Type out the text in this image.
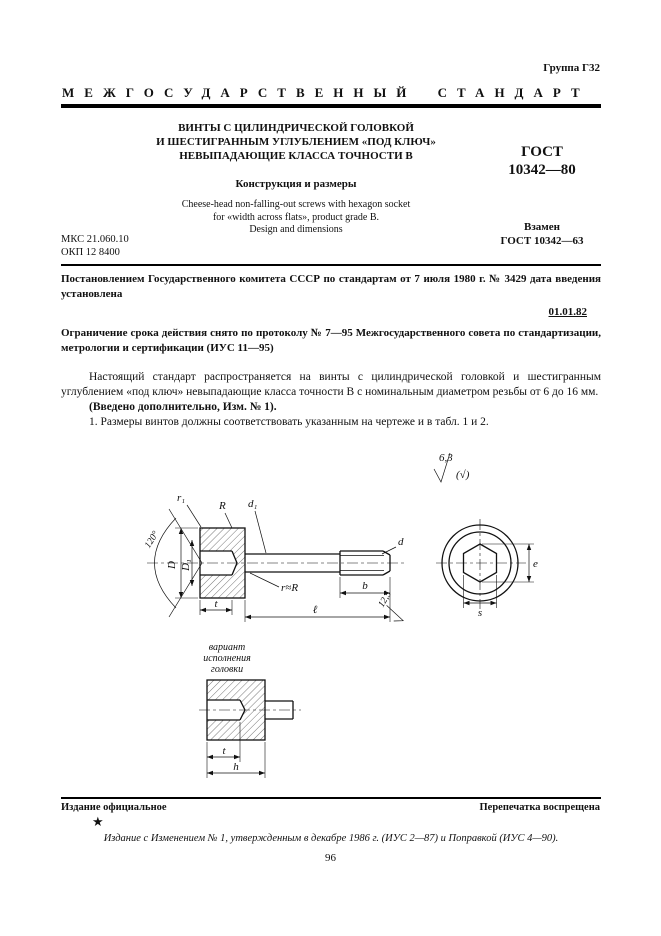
Группа Г32
МЕЖГОСУДАРСТВЕННЫЙ СТАНДАРТ
ВИНТЫ С ЦИЛИНДРИЧЕСКОЙ ГОЛОВКОЙ
И ШЕСТИГРАННЫМ УГЛУБЛЕНИЕМ «ПОД КЛЮЧ»
НЕВЫПАДАЮЩИЕ КЛАССА ТОЧНОСТИ В
Конструкция и размеры
Cheese-head non-falling-out screws with hexagon socket
for «width across flats», product grade B.
Design and dimensions
ГОСТ
10342—80
Взамен
ГОСТ 10342—63
МКС 21.060.10
ОКП 12 8400
Постановлением Государственного комитета СССР по стандартам от 7 июля 1980 г. № 3429 дата введения установлена
01.01.82
Ограничение срока действия снято по протоколу № 7—95 Межгосударственного совета по стандартизации, метрологии и сертификации (ИУС 11—95)

Настоящий стандарт распространяется на винты с цилиндрической головкой и шестигранным углублением «под ключ» невыпадающие класса точности В с номинальным диаметром резьбы от 6 до 16 мм.

(Введено дополнительно, Изм. № 1).

1. Размеры винтов должны соответствовать указанным на чертеже и в табл. 1 и 2.

6,3
(√)
120°
r₁
R d₁
r≈R
d
D D₁
t
b
ℓ
12,5
e
s
вариант
исполнения
головки
t
h
Издание официальное	Перепечатка воспрещена
★
Издание с Изменением № 1, утвержденным в декабре 1986 г. (ИУС 2—87) и Поправкой (ИУС 4—90).
96
